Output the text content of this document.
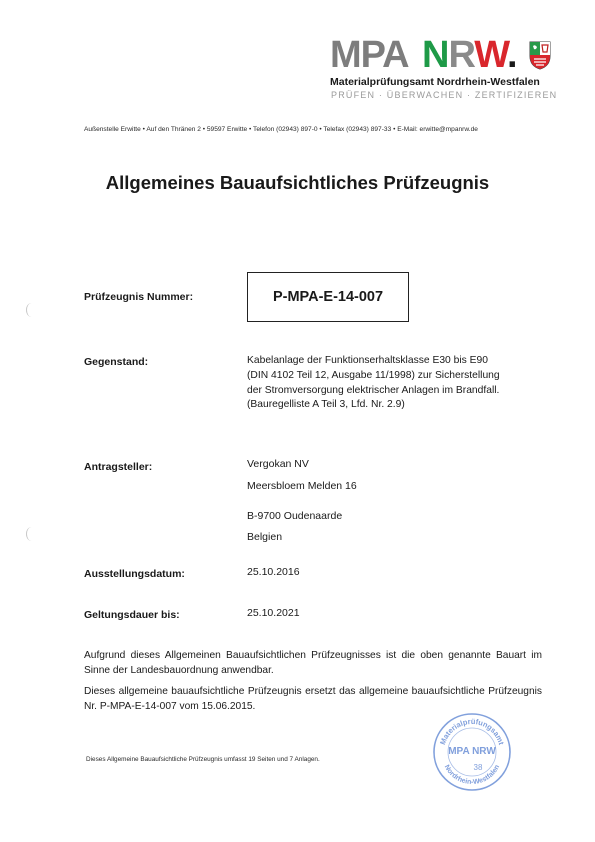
MPA NRW.
Materialprüfungsamt Nordrhein-Westfalen
PRÜFEN · ÜBERWACHEN · ZERTIFIZIEREN
Außenstelle Erwitte • Auf den Thränen 2 • 59597 Erwitte • Telefon (02943) 897-0 • Telefax (02943) 897-33 • E-Mail: erwitte@mpanrw.de
Allgemeines Bauaufsichtliches Prüfzeugnis
Prüfzeugnis Nummer:	P-MPA-E-14-007
Gegenstand:	Kabelanlage der Funktionserhaltsklasse E30 bis E90
(DIN 4102 Teil 12, Ausgabe 11/1998) zur Sicherstellung
der Stromversorgung elektrischer Anlagen im Brandfall.
(Bauregelliste A Teil 3, Lfd. Nr. 2.9)
Antragsteller:	Vergokan NV
Meersbloem Melden 16
B-9700 Oudenaarde
Belgien
Ausstellungsdatum:	25.10.2016
Geltungsdauer bis:	25.10.2021
Aufgrund dieses Allgemeinen Bauaufsichtlichen Prüfzeugnisses ist die oben genannte Bauart im Sinne der Landesbauordnung anwendbar.
Dieses allgemeine bauaufsichtliche Prüfzeugnis ersetzt das allgemeine bauaufsichtliche Prüfzeugnis Nr. P-MPA-E-14-007 vom 15.06.2015.
Dieses Allgemeine Bauaufsichtliche Prüfzeugnis umfasst 19 Seiten und 7 Anlagen.
Materialprüfungsamt
Nordrhein-Westfalen
MPA NRW
38
